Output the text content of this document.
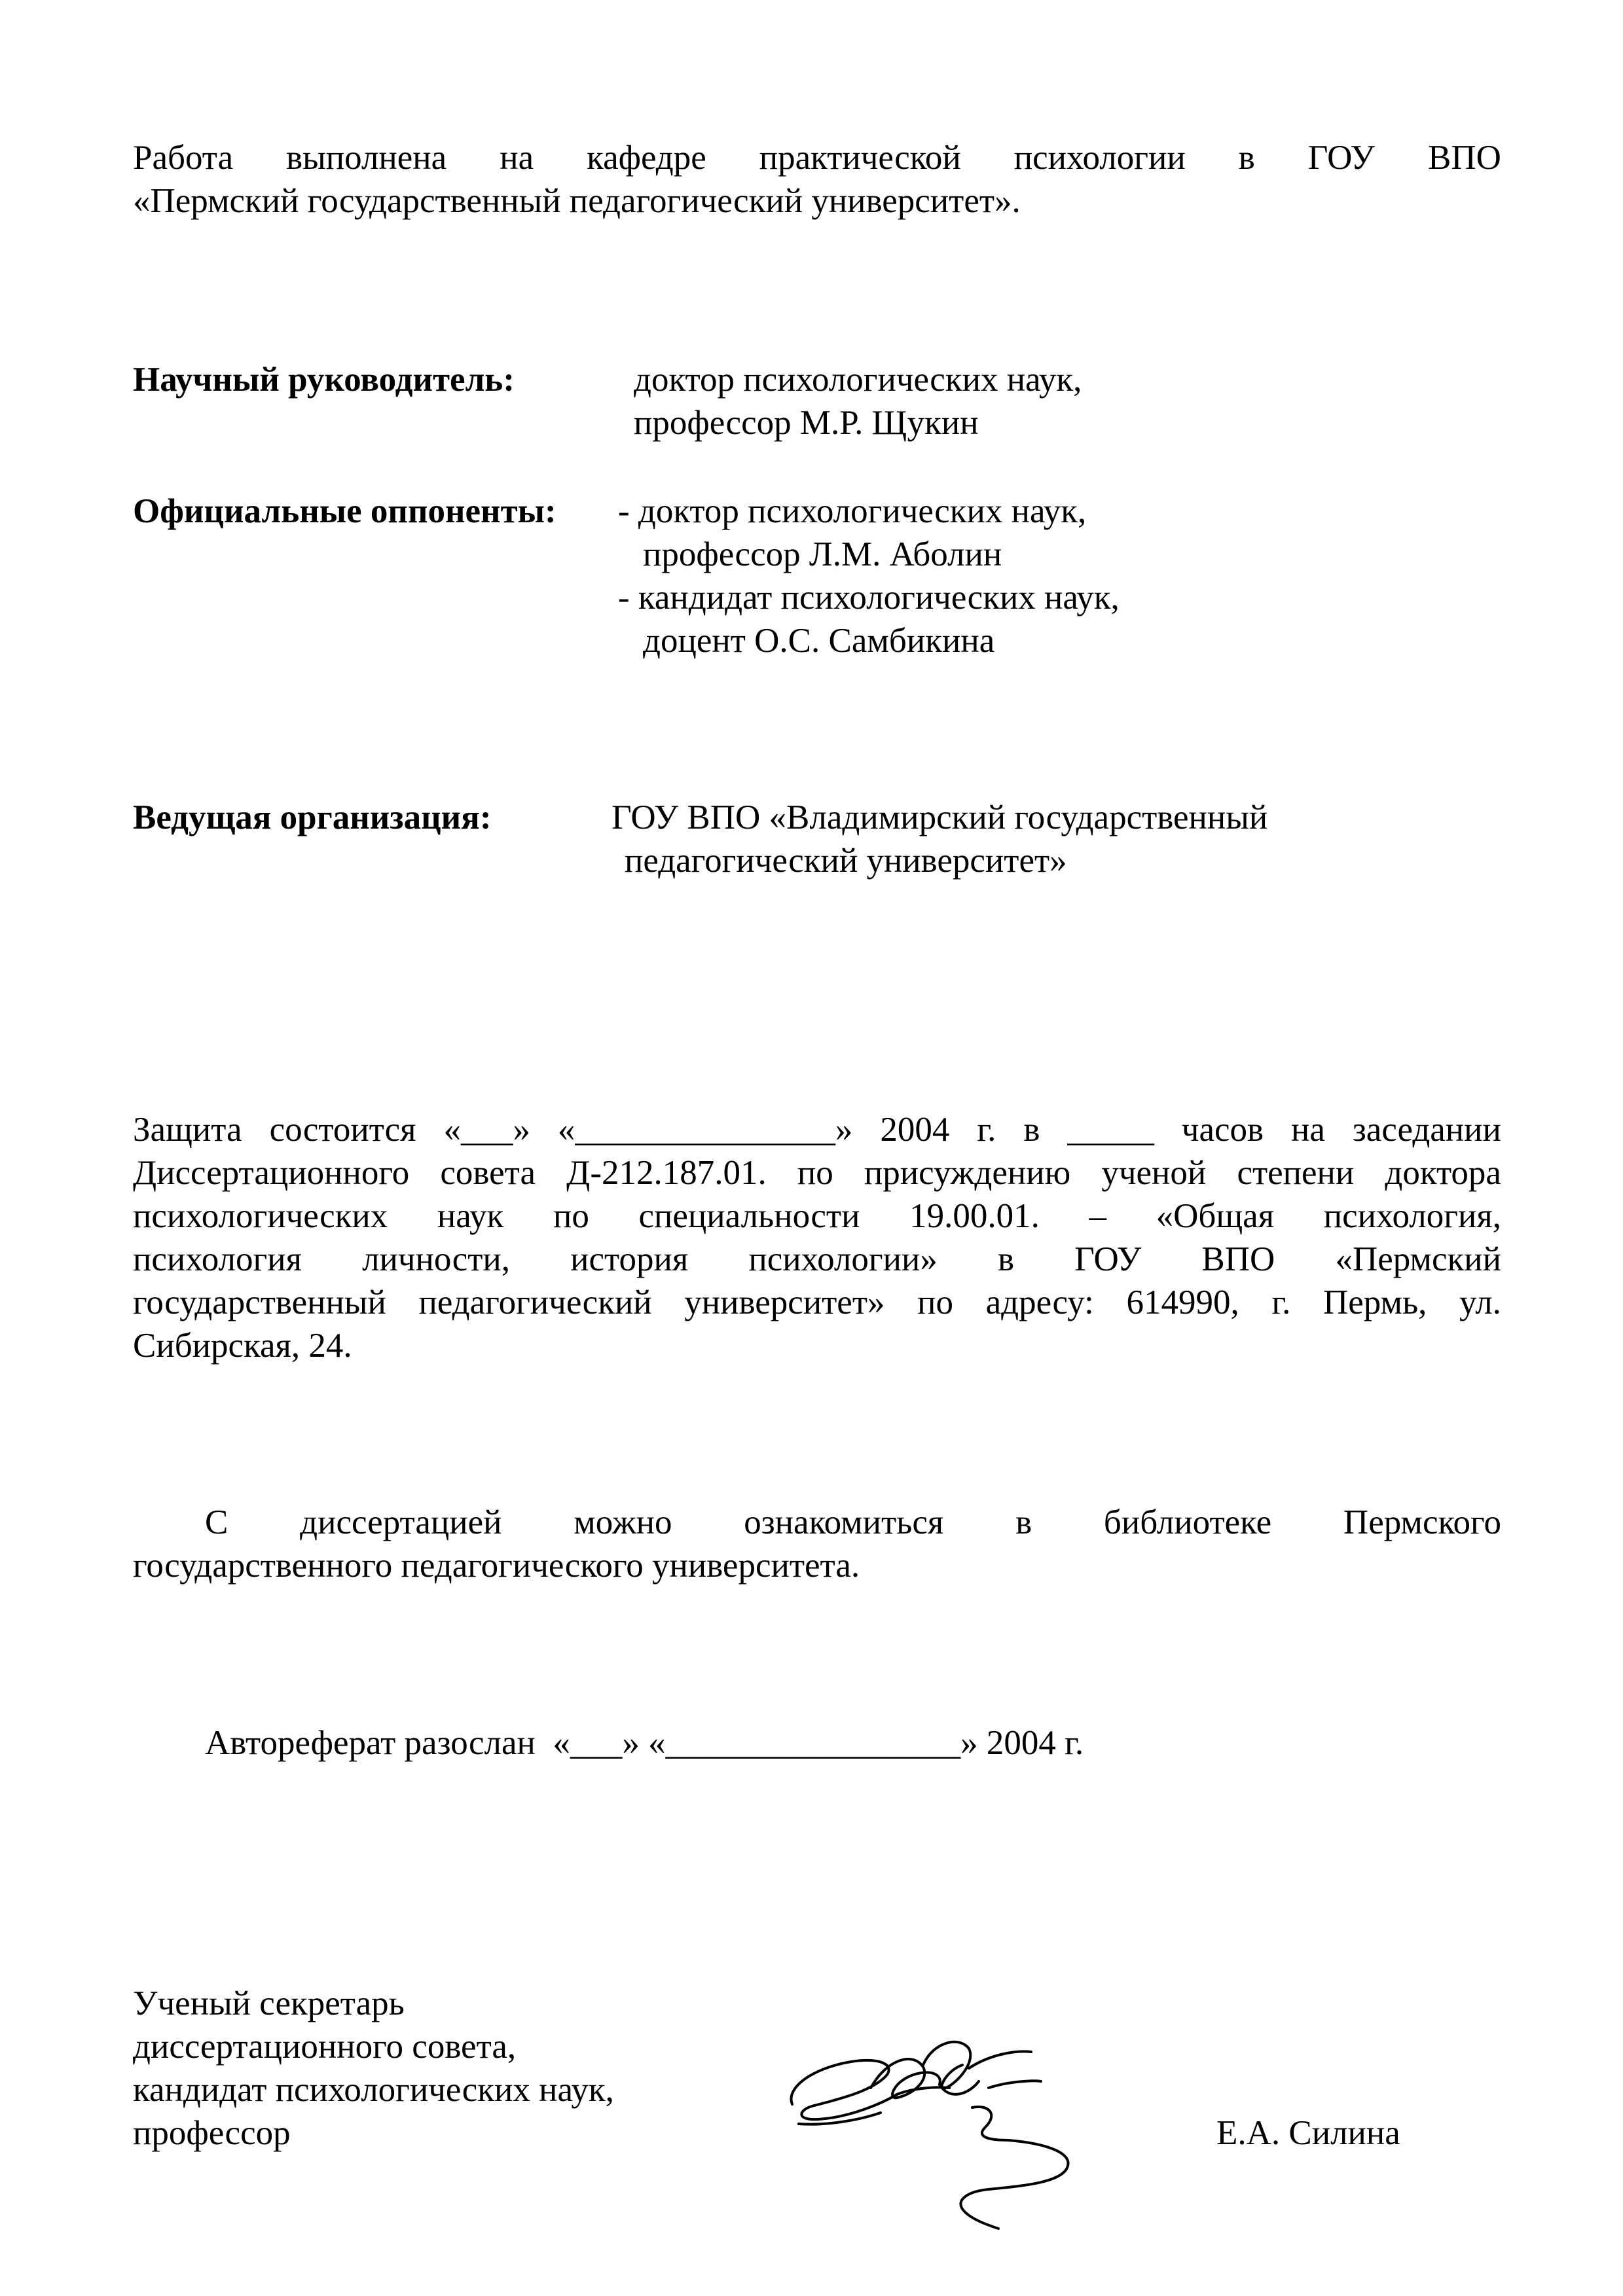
Работа выполнена на кафедре практической психологии в ГОУ ВПО
«Пермский государственный педагогический университет».
Научный руководитель:	доктор психологических наук,
профессор М.Р. Щукин
Официальные оппоненты: - доктор психологических наук,
профессор Л.М. Аболин
- кандидат психологических наук,
доцент О.С. Самбикина
Ведущая организация:	ГОУ ВПО «Владимирский государственный
педагогический университет»
Защита состоится «___» «_______________» 2004 г. в _____ часов на заседании
Диссертационного совета Д-212.187.01. по присуждению ученой степени доктора
психологических наук по специальности 19.00.01. – «Общая психология,
психология личности, история психологии» в ГОУ ВПО «Пермский
государственный педагогический университет» по адресу: 614990, г. Пермь, ул.
Сибирская, 24.
С диссертацией можно ознакомиться в библиотеке Пермского
государственного педагогического университета.
Автореферат разослан  «___» «_________________» 2004 г.
Ученый секретарь
диссертационного совета,
кандидат психологических наук,
профессор	Е.А. Силина
